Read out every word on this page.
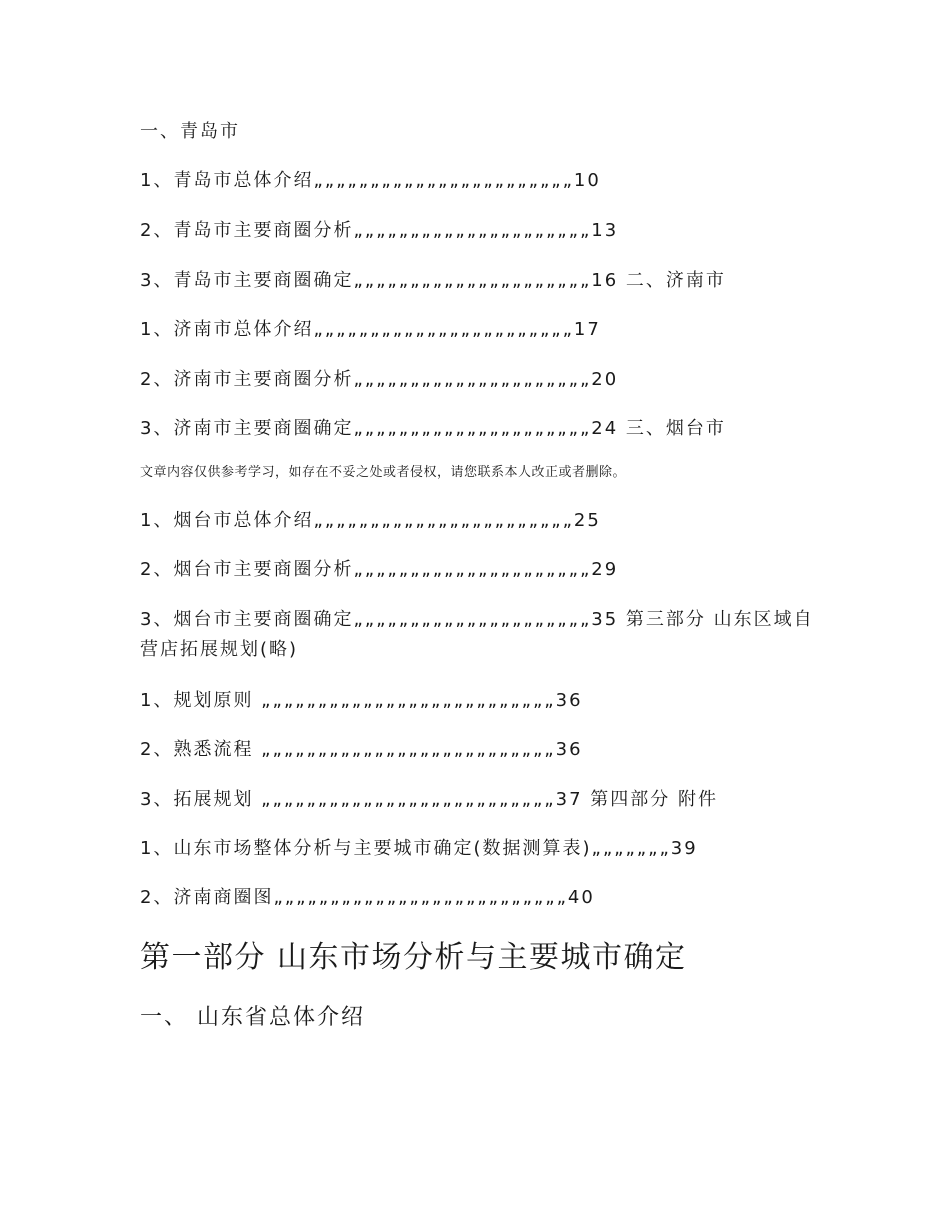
一、青岛市

1、青岛市总体介绍„„„„„„„„„„„„„„„„„„„„„„„10

2、青岛市主要商圈分析„„„„„„„„„„„„„„„„„„„„„13

3、青岛市主要商圈确定„„„„„„„„„„„„„„„„„„„„„16 二、济南市

1、济南市总体介绍„„„„„„„„„„„„„„„„„„„„„„„17

2、济南市主要商圈分析„„„„„„„„„„„„„„„„„„„„„20

3、济南市主要商圈确定„„„„„„„„„„„„„„„„„„„„„24 三、烟台市

文章内容仅供参考学习，如存在不妥之处或者侵权，请您联系本人改正或者删除。

1、烟台市总体介绍„„„„„„„„„„„„„„„„„„„„„„„25

2、烟台市主要商圈分析„„„„„„„„„„„„„„„„„„„„„29

3、烟台市主要商圈确定„„„„„„„„„„„„„„„„„„„„„35 第三部分 山东区域自营店拓展规划(略)

1、规划原则 „„„„„„„„„„„„„„„„„„„„„„„„„„36

2、熟悉流程 „„„„„„„„„„„„„„„„„„„„„„„„„„36

3、拓展规划 „„„„„„„„„„„„„„„„„„„„„„„„„„37 第四部分 附件

1、山东市场整体分析与主要城市确定(数据测算表)„„„„„„„39

2、济南商圈图„„„„„„„„„„„„„„„„„„„„„„„„„„40

第一部分 山东市场分析与主要城市确定
一、 山东省总体介绍
